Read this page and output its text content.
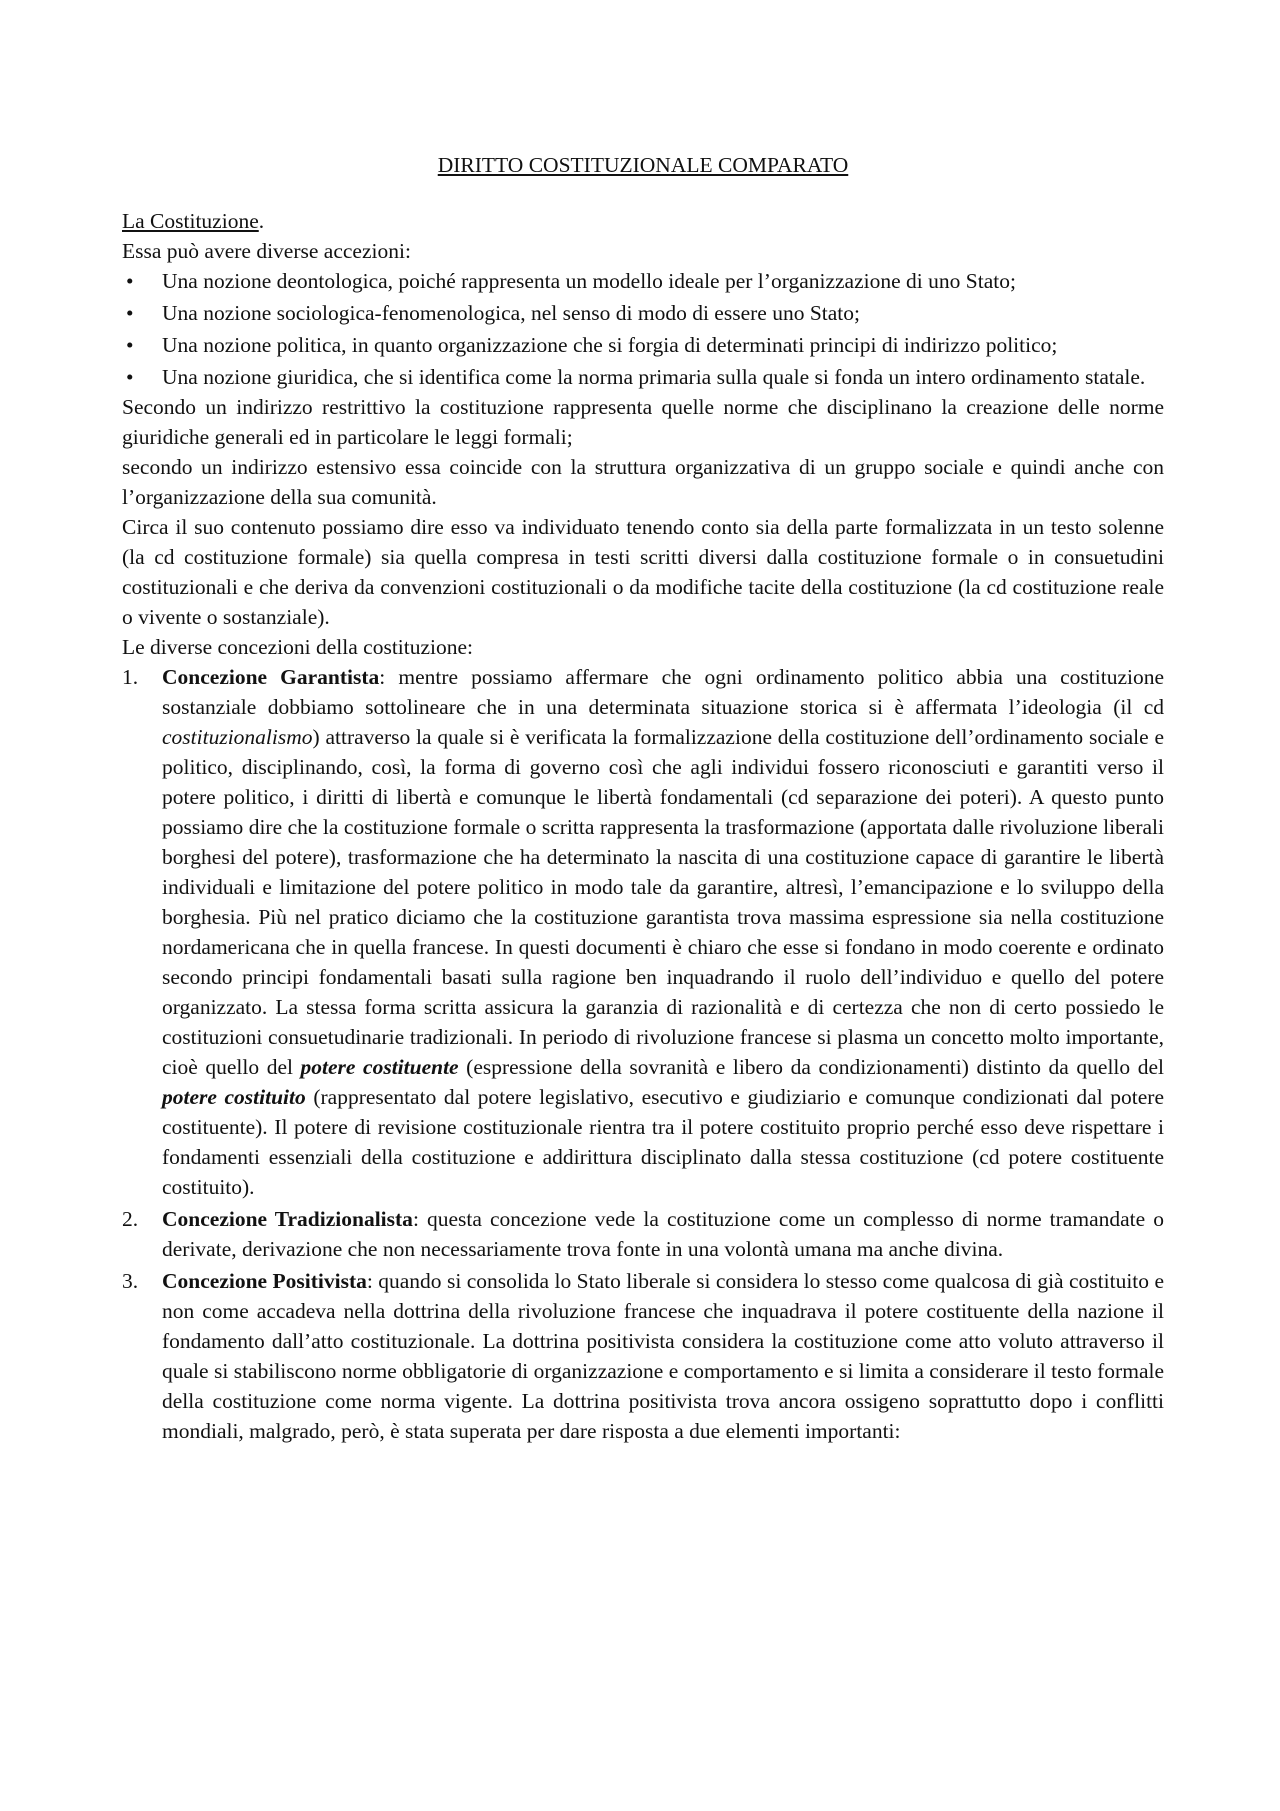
DIRITTO COSTITUZIONALE COMPARATO
La Costituzione.

Essa può avere diverse accezioni:

• Una nozione deontologica, poiché rappresenta un modello ideale per l’organizzazione di uno Stato;
• Una nozione sociologica-fenomenologica, nel senso di modo di essere uno Stato;
• Una nozione politica, in quanto organizzazione che si forgia di determinati principi di indirizzo politico;
• Una nozione giuridica, che si identifica come la norma primaria sulla quale si fonda un intero ordinamento statale.

Secondo un indirizzo restrittivo la costituzione rappresenta quelle norme che disciplinano la creazione delle norme giuridiche generali ed in particolare le leggi formali;

secondo un indirizzo estensivo essa coincide con la struttura organizzativa di un gruppo sociale e quindi anche con l’organizzazione della sua comunità.

Circa il suo contenuto possiamo dire esso va individuato tenendo conto sia della parte formalizzata in un testo solenne (la cd costituzione formale) sia quella compresa in testi scritti diversi dalla costituzione formale o in consuetudini costituzionali e che deriva da convenzioni costituzionali o da modifiche tacite della costituzione (la cd costituzione reale o vivente o sostanziale).

Le diverse concezioni della costituzione:

1. Concezione Garantista: mentre possiamo affermare che ogni ordinamento politico abbia una costituzione sostanziale dobbiamo sottolineare che in una determinata situazione storica si è affermata l’ideologia (il cd costituzionalismo) attraverso la quale si è verificata la formalizzazione della costituzione dell’ordinamento sociale e politico, disciplinando, così, la forma di governo così che agli individui fossero riconosciuti e garantiti verso il potere politico, i diritti di libertà e comunque le libertà fondamentali (cd separazione dei poteri). A questo punto possiamo dire che la costituzione formale o scritta rappresenta la trasformazione (apportata dalle rivoluzione liberali borghesi del potere), trasformazione che ha determinato la nascita di una costituzione capace di garantire le libertà individuali e limitazione del potere politico in modo tale da garantire, altresì, l’emancipazione e lo sviluppo della borghesia. Più nel pratico diciamo che la costituzione garantista trova massima espressione sia nella costituzione nordamericana che in quella francese. In questi documenti è chiaro che esse si fondano in modo coerente e ordinato secondo principi fondamentali basati sulla ragione ben inquadrando il ruolo dell’individuo e quello del potere organizzato. La stessa forma scritta assicura la garanzia di razionalità e di certezza che non di certo possiedo le costituzioni consuetudinarie tradizionali. In periodo di rivoluzione francese si plasma un concetto molto importante, cioè quello del potere costituente (espressione della sovranità e libero da condizionamenti) distinto da quello del potere costituito (rappresentato dal potere legislativo, esecutivo e giudiziario e comunque condizionati dal potere costituente). Il potere di revisione costituzionale rientra tra il potere costituito proprio perché esso deve rispettare i fondamenti essenziali della costituzione e addirittura disciplinato dalla stessa costituzione (cd potere costituente costituito).
2. Concezione Tradizionalista: questa concezione vede la costituzione come un complesso di norme tramandate o derivate, derivazione che non necessariamente trova fonte in una volontà umana ma anche divina.
3. Concezione Positivista: quando si consolida lo Stato liberale si considera lo stesso come qualcosa di già costituito e non come accadeva nella dottrina della rivoluzione francese che inquadrava il potere costituente della nazione il fondamento dall’atto costituzionale. La dottrina positivista considera la costituzione come atto voluto attraverso il quale si stabiliscono norme obbligatorie di organizzazione e comportamento e si limita a considerare il testo formale della costituzione come norma vigente. La dottrina positivista trova ancora ossigeno soprattutto dopo i conflitti mondiali, malgrado, però, è stata superata per dare risposta a due elementi importanti:
